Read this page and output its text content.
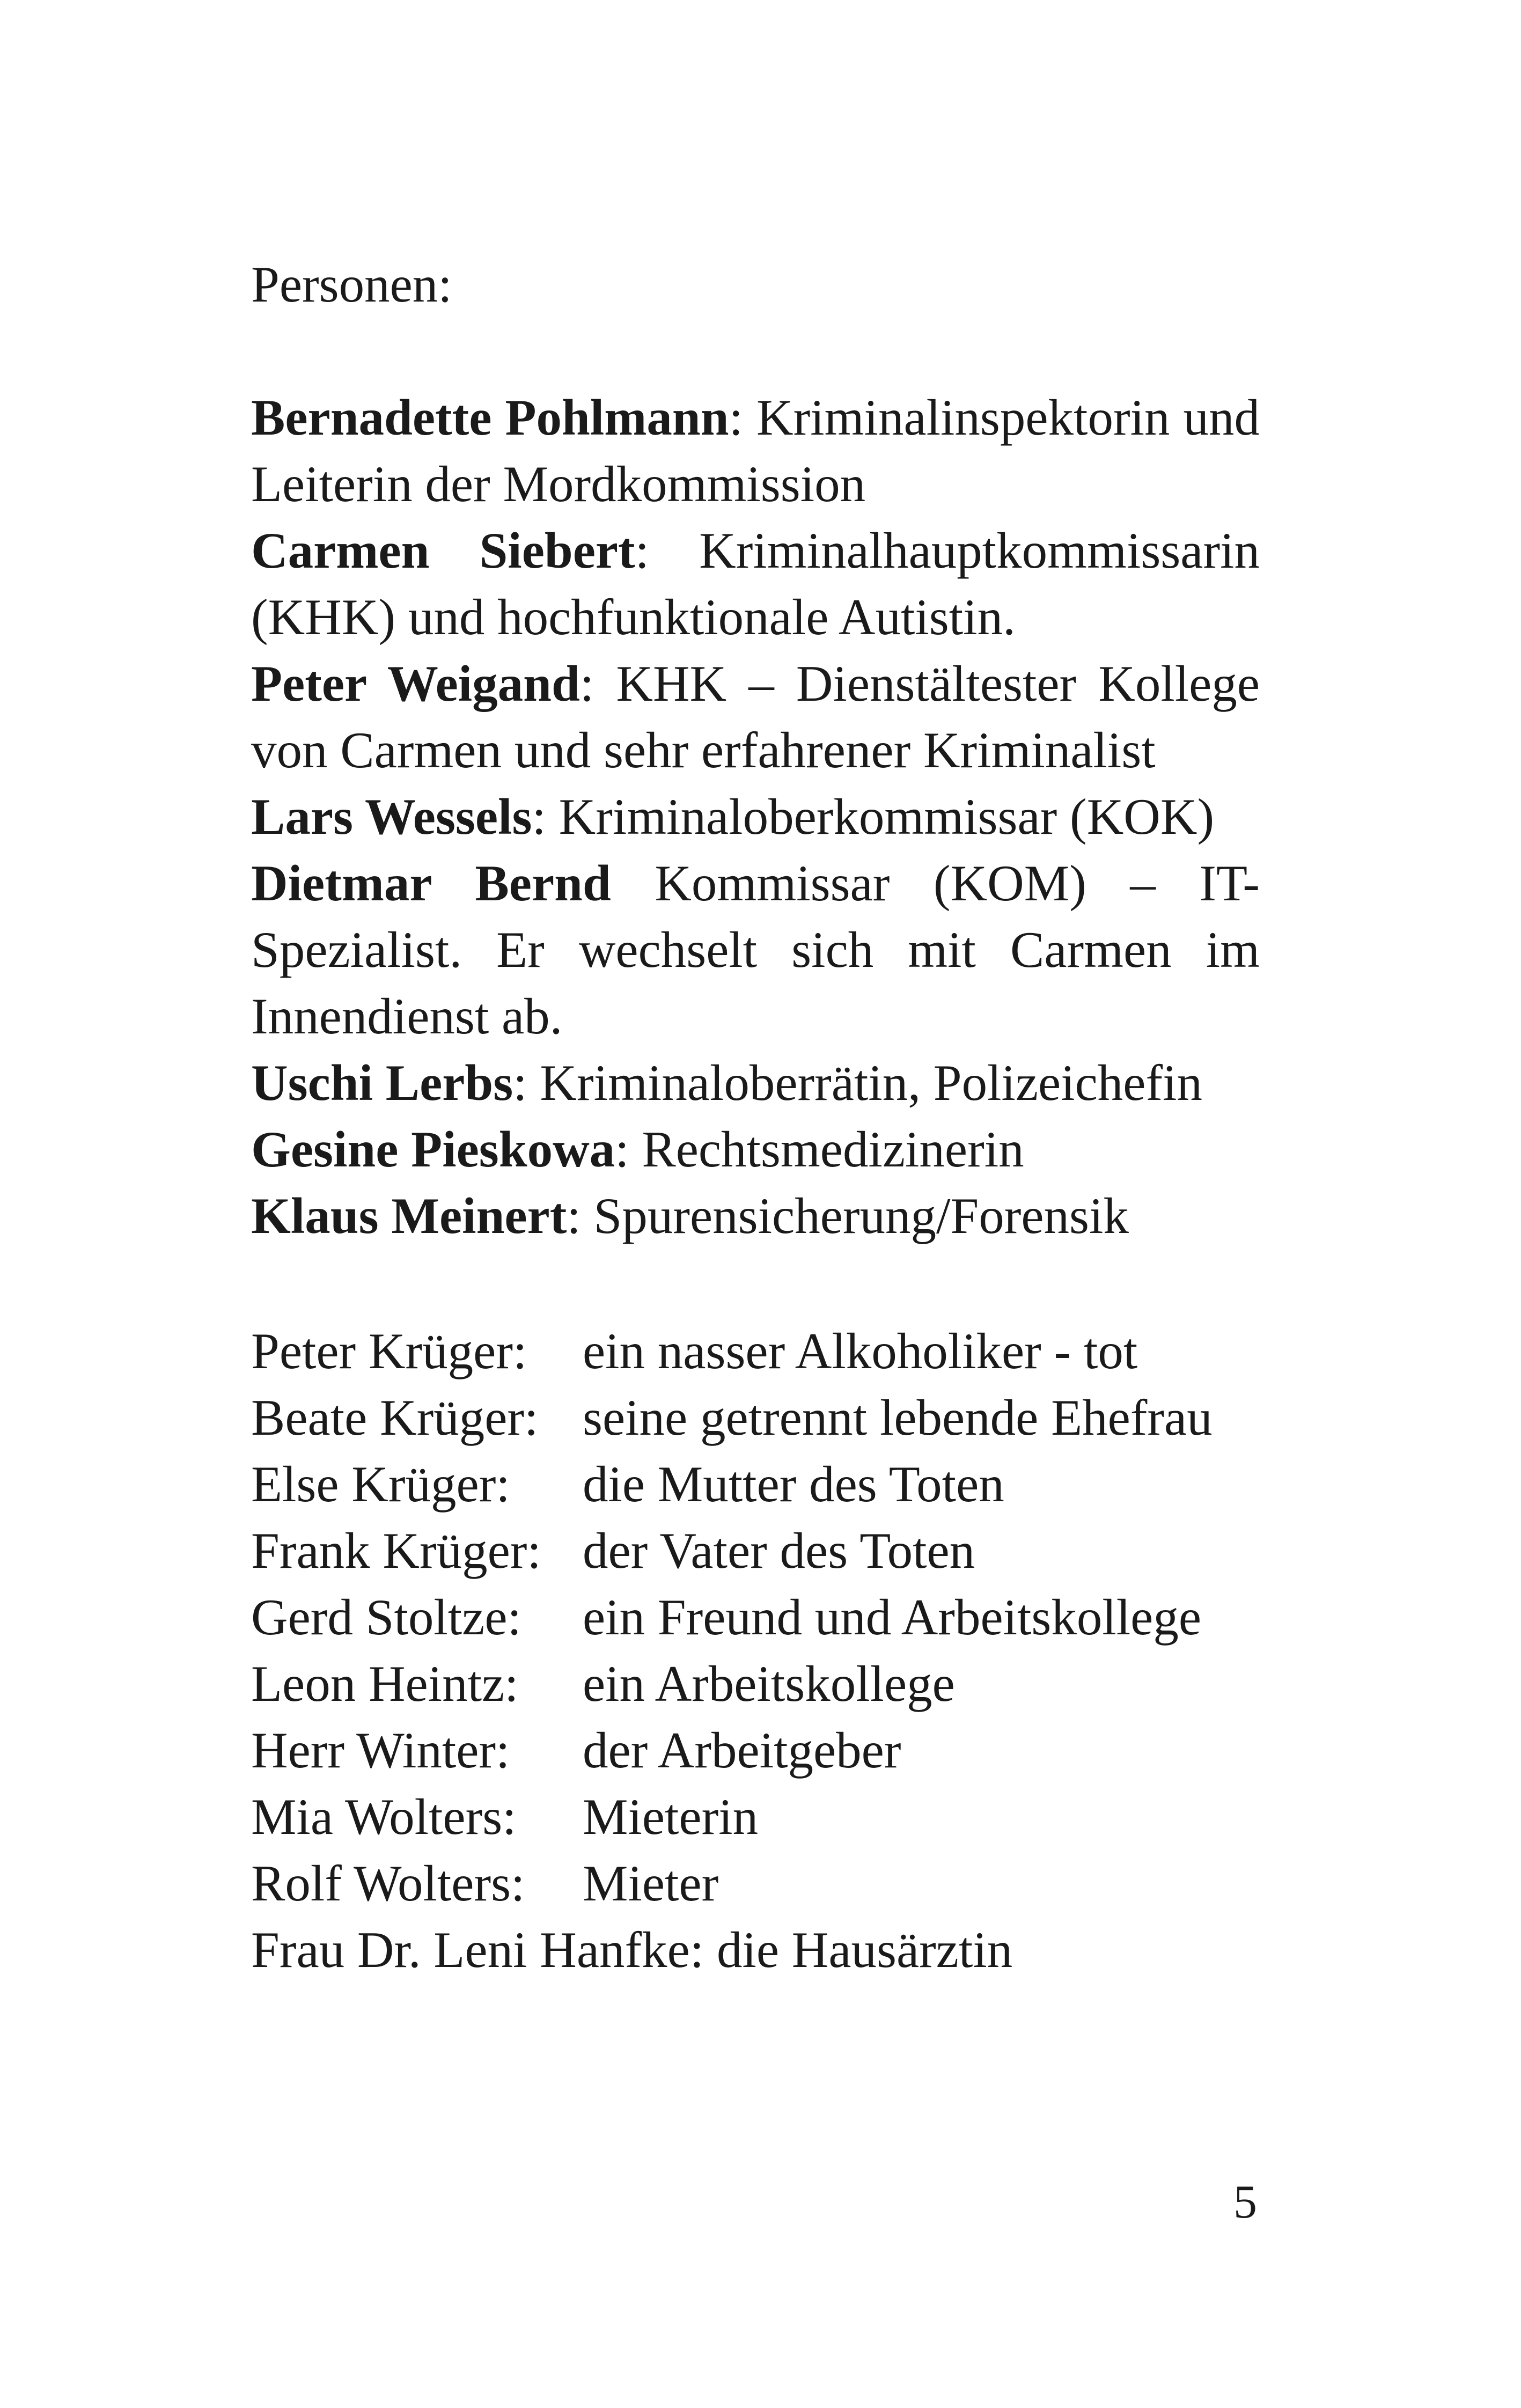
Personen:

Bernadette Pohlmann: Kriminalinspektorin und Leiterin der Mordkommission

Carmen Siebert: Kriminalhauptkommissarin (KHK) und hochfunktionale Autistin.

Peter Weigand: KHK – Dienstältester Kollege von Carmen und sehr erfahrener Kriminalist

Lars Wessels: Kriminaloberkommissar (KOK)

Dietmar Bernd Kommissar (KOM) – IT-Spezialist. Er wechselt sich mit Carmen im Innendienst ab.

Uschi Lerbs: Kriminaloberrätin, Polizeichefin

Gesine Pieskowa: Rechtsmedizinerin

Klaus Meinert: Spurensicherung/Forensik

Peter Krüger:	ein nasser Alkoholiker - tot
Beate Krüger: seine getrennt lebende Ehefrau
Else Krüger:	die Mutter des Toten
Frank Krüger: der Vater des Toten
Gerd Stoltze:	ein Freund und Arbeitskollege
Leon Heintz:	ein Arbeitskollege
Herr Winter:	der Arbeitgeber
Mia Wolters:	Mieterin
Rolf Wolters:	Mieter
Frau Dr. Leni Hanfke: die Hausärztin
5
